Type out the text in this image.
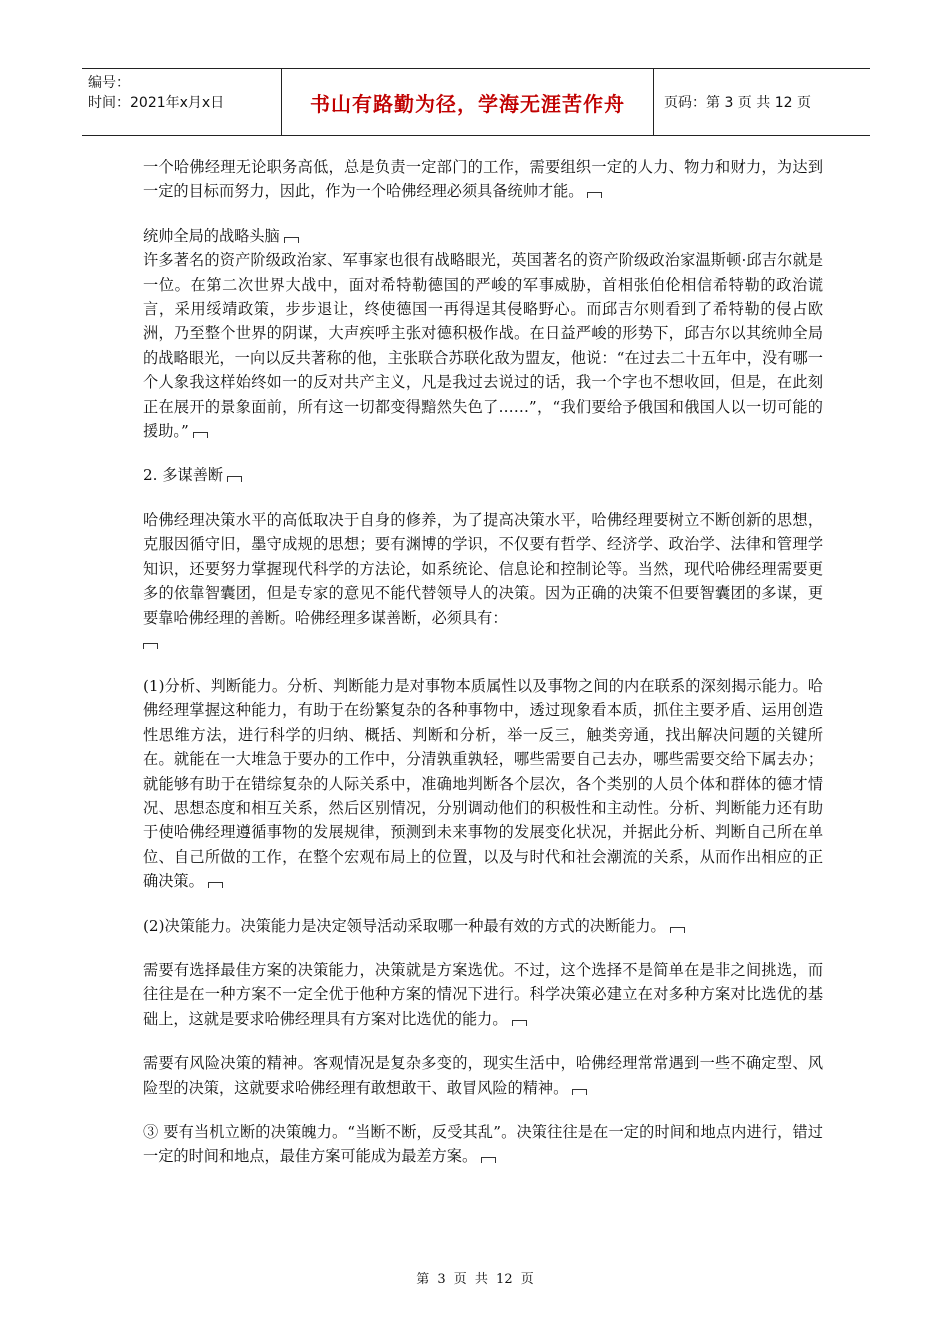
编号：
时间：2021年x月x日	书山有路勤为径，学海无涯苦作舟	页码：第 3 页 共 12 页

一个哈佛经理无论职务高低，总是负责一定部门的工作，需要组织一定的人力、物力和财力，为达到一定的目标而努力，因此，作为一个哈佛经理必须具备统帅才能。

统帅全局的战略头脑

许多著名的资产阶级政治家、军事家也很有战略眼光，英国著名的资产阶级政治家温斯顿·邱吉尔就是一位。在第二次世界大战中，面对希特勒德国的严峻的军事威胁，首相张伯伦相信希特勒的政治谎言，采用绥靖政策，步步退让，终使德国一再得逞其侵略野心。而邱吉尔则看到了希特勒的侵占欧洲，乃至整个世界的阴谋，大声疾呼主张对德积极作战。在日益严峻的形势下，邱吉尔以其统帅全局的战略眼光，一向以反共著称的他，主张联合苏联化敌为盟友，他说：“在过去二十五年中，没有哪一个人象我这样始终如一的反对共产主义，凡是我过去说过的话，我一个字也不想收回，但是，在此刻正在展开的景象面前，所有这一切都变得黯然失色了……”，“我们要给予俄国和俄国人以一切可能的援助。”

2. 多谋善断

哈佛经理决策水平的高低取决于自身的修养，为了提高决策水平，哈佛经理要树立不断创新的思想，克服因循守旧，墨守成规的思想；要有渊博的学识，不仅要有哲学、经济学、政治学、法律和管理学知识，还要努力掌握现代科学的方法论，如系统论、信息论和控制论等。当然，现代哈佛经理需要更多的依靠智囊团，但是专家的意见不能代替领导人的决策。因为正确的决策不但要智囊团的多谋，更要靠哈佛经理的善断。哈佛经理多谋善断，必须具有：

(1)分析、判断能力。分析、判断能力是对事物本质属性以及事物之间的内在联系的深刻揭示能力。哈佛经理掌握这种能力，有助于在纷繁复杂的各种事物中，透过现象看本质，抓住主要矛盾、运用创造性思维方法，进行科学的归纳、概括、判断和分析，举一反三，触类旁通，找出解决问题的关键所在。就能在一大堆急于要办的工作中，分清孰重孰轻，哪些需要自己去办，哪些需要交给下属去办；就能够有助于在错综复杂的人际关系中，准确地判断各个层次，各个类别的人员个体和群体的德才情况、思想态度和相互关系，然后区别情况，分别调动他们的积极性和主动性。分析、判断能力还有助于使哈佛经理遵循事物的发展规律，预测到未来事物的发展变化状况，并据此分析、判断自己所在单位、自己所做的工作，在整个宏观布局上的位置，以及与时代和社会潮流的关系，从而作出相应的正确决策。

(2)决策能力。决策能力是决定领导活动采取哪一种最有效的方式的决断能力。

需要有选择最佳方案的决策能力，决策就是方案选优。不过，这个选择不是简单在是非之间挑选，而往往是在一种方案不一定全优于他种方案的情况下进行。科学决策必建立在对多种方案对比选优的基础上，这就是要求哈佛经理具有方案对比选优的能力。

需要有风险决策的精神。客观情况是复杂多变的，现实生活中，哈佛经理常常遇到一些不确定型、风险型的决策，这就要求哈佛经理有敢想敢干、敢冒风险的精神。

③ 要有当机立断的决策魄力。“当断不断，反受其乱”。决策往往是在一定的时间和地点内进行，错过一定的时间和地点，最佳方案可能成为最差方案。

第 3 页 共 12 页
